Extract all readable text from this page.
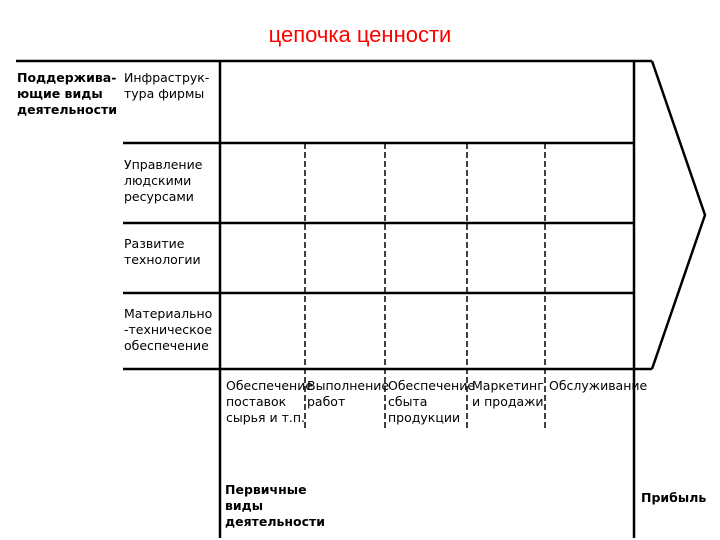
цепочка ценности
Поддержива-
ющие виды
деятельности
Инфраструк-
тура фирмы
Управление
людскими
ресурсами
Развитие
технологии
Материально
-техническое
обеспечение
Обеспечение
поставок
сырья и т.п.
Выполнение
работ
Обеспечение
сбыта
продукции
Маркетинг
и продажи
Обслуживание
Первичные
виды
деятельности
Прибыль
